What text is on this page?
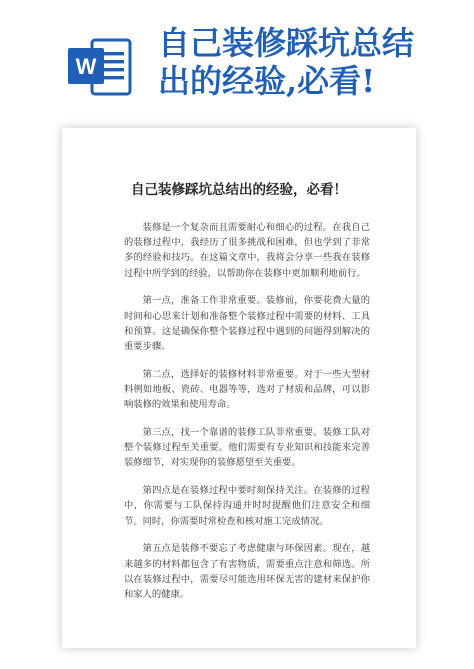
W
自己装修踩坑总结
出的经验,必看!
自己装修踩坑总结出的经验，必看！

装修是一个复杂而且需要耐心和细心的过程。在我自己的装修过程中，我经历了很多挑战和困难，但也学到了非常多的经验和技巧。在这篇文章中，我将会分享一些我在装修过程中所学到的经验，以帮助你在装修中更加顺利地前行。

第一点，准备工作非常重要。装修前，你要花费大量的时间和心思来计划和准备整个装修过程中需要的材料、工具和预算。这是确保你整个装修过程中遇到的问题得到解决的重要步骤。

第二点，选择好的装修材料非常重要。对于一些大型材料例如地板、瓷砖、电器等等，选对了材质和品牌，可以影响装修的效果和使用寿命。

第三点，找一个靠谱的装修工队非常重要。装修工队对整个装修过程至关重要。他们需要有专业知识和技能来完善装修细节，对实现你的装修愿望至关重要。

第四点是在装修过程中要时刻保持关注。在装修的过程中，你需要与工队保持沟通并时时提醒他们注意安全和细节。同时，你需要时常检查和核对施工完成情况。

第五点是装修不要忘了考虑健康与环保因素。现在，越来越多的材料都包含了有害物质，需要重点注意和筛选。所以在装修过程中，需要尽可能选用环保无害的建材来保护你和家人的健康。
